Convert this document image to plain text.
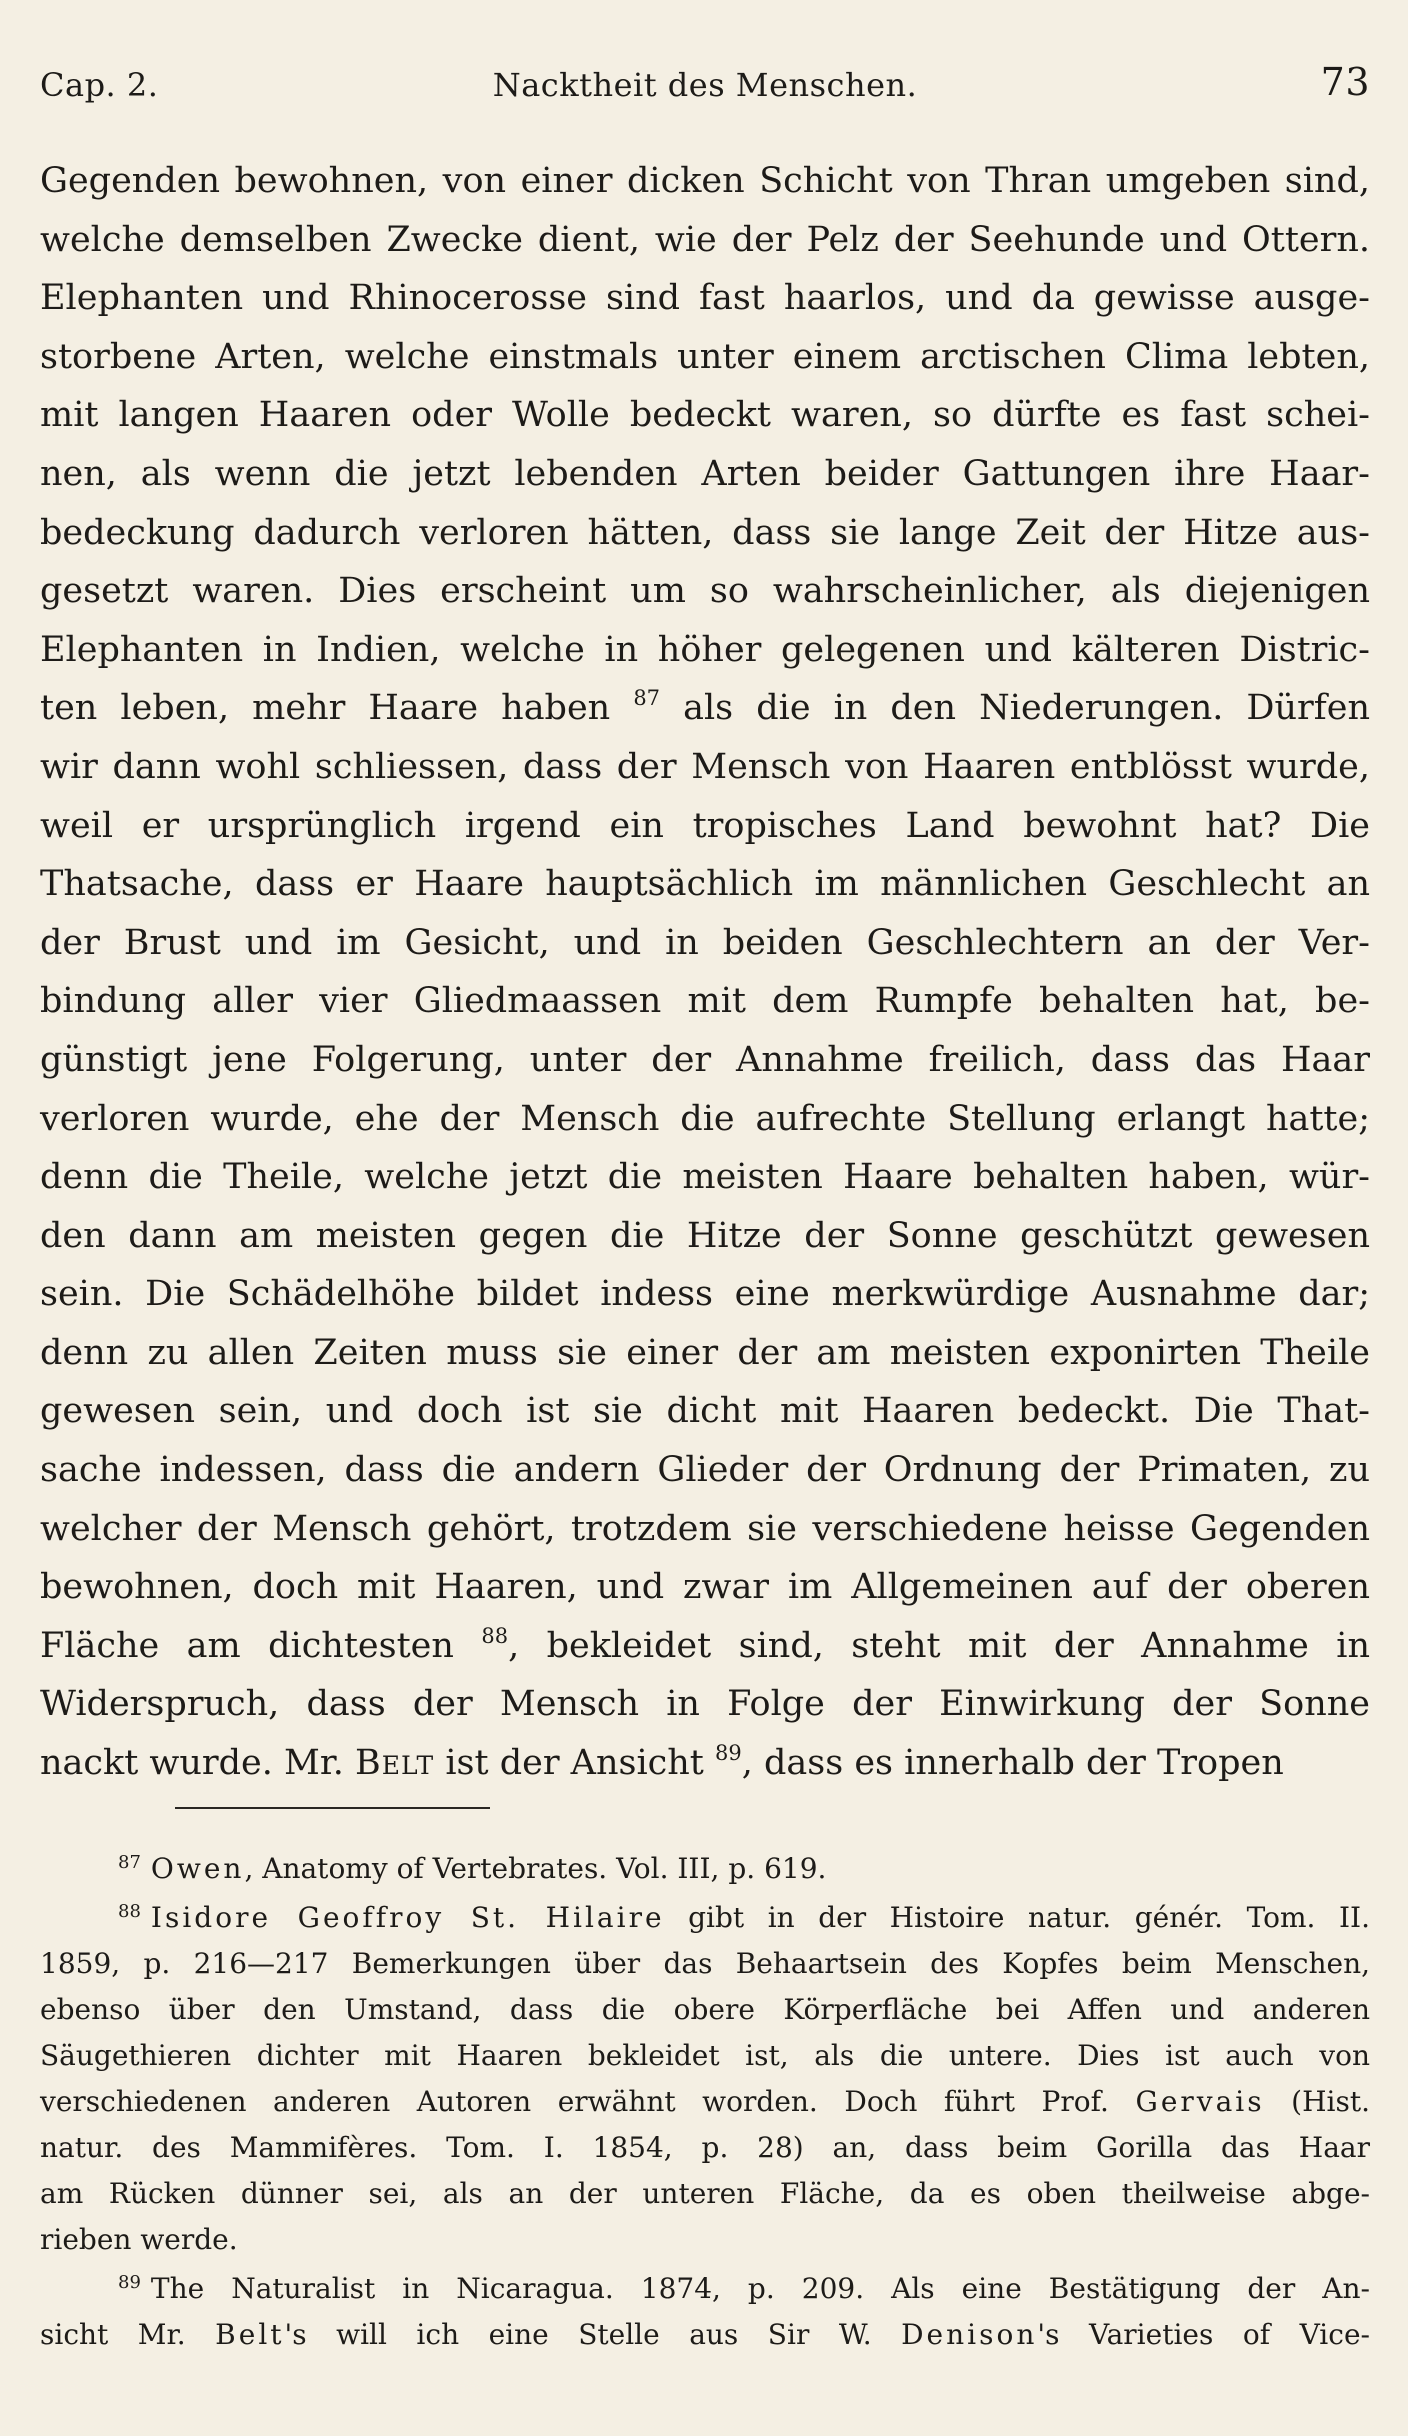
Cap. 2.	Nacktheit des Menschen.	73
Gegenden bewohnen, von einer dicken Schicht von Thran umgeben sind,
welche demselben Zwecke dient, wie der Pelz der Seehunde und Ottern.
Elephanten und Rhinocerosse sind fast haarlos, und da gewisse ausge-
storbene Arten, welche einstmals unter einem arctischen Clima lebten,
mit langen Haaren oder Wolle bedeckt waren, so dürfte es fast schei-
nen, als wenn die jetzt lebenden Arten beider Gattungen ihre Haar-
bedeckung dadurch verloren hätten, dass sie lange Zeit der Hitze aus-
gesetzt waren. Dies erscheint um so wahrscheinlicher, als diejenigen
Elephanten in Indien, welche in höher gelegenen und kälteren Distric-
ten leben, mehr Haare haben $^{87}$ als die in den Niederungen. Dürfen
wir dann wohl schliessen, dass der Mensch von Haaren entblösst wurde,
weil er ursprünglich irgend ein tropisches Land bewohnt hat? Die
Thatsache, dass er Haare hauptsächlich im männlichen Geschlecht an
der Brust und im Gesicht, und in beiden Geschlechtern an der Ver-
bindung aller vier Gliedmaassen mit dem Rumpfe behalten hat, be-
günstigt jene Folgerung, unter der Annahme freilich, dass das Haar
verloren wurde, ehe der Mensch die aufrechte Stellung erlangt hatte;
denn die Theile, welche jetzt die meisten Haare behalten haben, wür-
den dann am meisten gegen die Hitze der Sonne geschützt gewesen
sein. Die Schädelhöhe bildet indess eine merkwürdige Ausnahme dar;
denn zu allen Zeiten muss sie einer der am meisten exponirten Theile
gewesen sein, und doch ist sie dicht mit Haaren bedeckt. Die That-
sache indessen, dass die andern Glieder der Ordnung der Primaten, zu
welcher der Mensch gehört, trotzdem sie verschiedene heisse Gegenden
bewohnen, doch mit Haaren, und zwar im Allgemeinen auf der oberen
Fläche am dichtesten $^{88}$, bekleidet sind, steht mit der Annahme in
Widerspruch, dass der Mensch in Folge der Einwirkung der Sonne
nackt wurde. Mr. Belt ist der Ansicht $^{89}$, dass es innerhalb der Tropen
$^{87}$ Owen, Anatomy of Vertebrates. Vol. III, p. 619.
$^{88}$ Isidore Geoffroy St. Hilaire gibt in der Histoire natur. génér. Tom. II.
1859, p. 216—217 Bemerkungen über das Behaartsein des Kopfes beim Menschen,
ebenso über den Umstand, dass die obere Körperfläche bei Affen und anderen
Säugethieren dichter mit Haaren bekleidet ist, als die untere. Dies ist auch von
verschiedenen anderen Autoren erwähnt worden. Doch führt Prof. Gervais (Hist.
natur. des Mammifères. Tom. I. 1854, p. 28) an, dass beim Gorilla das Haar
am Rücken dünner sei, als an der unteren Fläche, da es oben theilweise abge-
rieben werde.
$^{89}$ The Naturalist in Nicaragua. 1874, p. 209. Als eine Bestätigung der An-
sicht Mr. Belt's will ich eine Stelle aus Sir W. Denison's Varieties of Vice-
